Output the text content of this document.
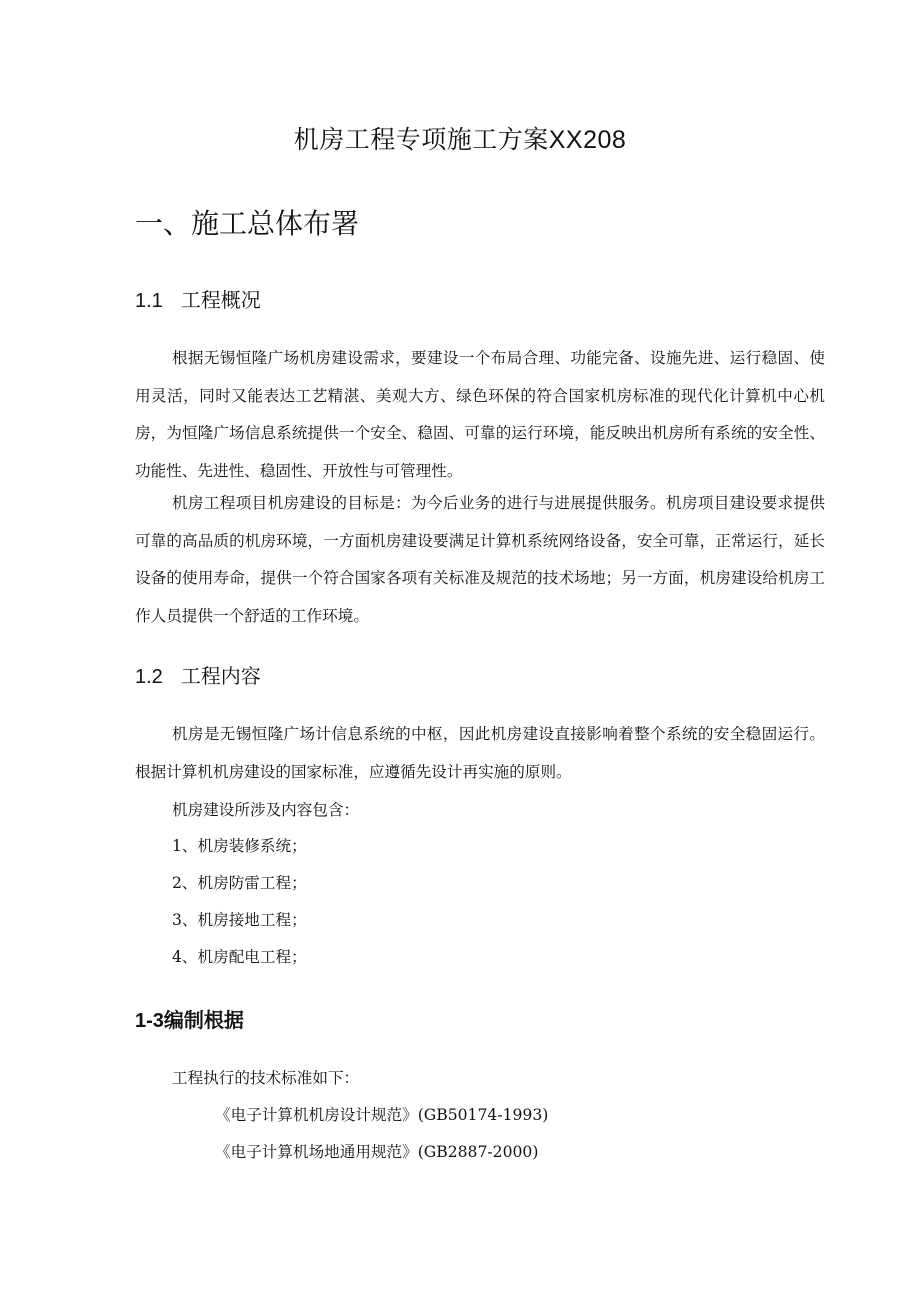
机房工程专项施工方案XX208
一、施工总体布署
1.1 工程概况

根据无锡恒隆广场机房建设需求，要建设一个布局合理、功能完备、设施先进、运行稳固、使用灵活，同时又能表达工艺精湛、美观大方、绿色环保的符合国家机房标准的现代化计算机中心机房，为恒隆广场信息系统提供一个安全、稳固、可靠的运行环境，能反映出机房所有系统的安全性、功能性、先进性、稳固性、开放性与可管理性。

机房工程项目机房建设的目标是：为今后业务的进行与进展提供服务。机房项目建设要求提供可靠的高品质的机房环境，一方面机房建设要满足计算机系统网络设备，安全可靠，正常运行，延长设备的使用寿命，提供一个符合国家各项有关标准及规范的技术场地；另一方面，机房建设给机房工作人员提供一个舒适的工作环境。

1.2 工程内容

机房是无锡恒隆广场计信息系统的中枢，因此机房建设直接影响着整个系统的安全稳固运行。根据计算机机房建设的国家标准，应遵循先设计再实施的原则。

机房建设所涉及内容包含：

1、机房装修系统；

2、机房防雷工程；

3、机房接地工程；

4、机房配电工程；

1-3编制根据

工程执行的技术标准如下：

《电子计算机机房设计规范》(GB50174-1993)

《电子计算机场地通用规范》(GB2887-2000)
